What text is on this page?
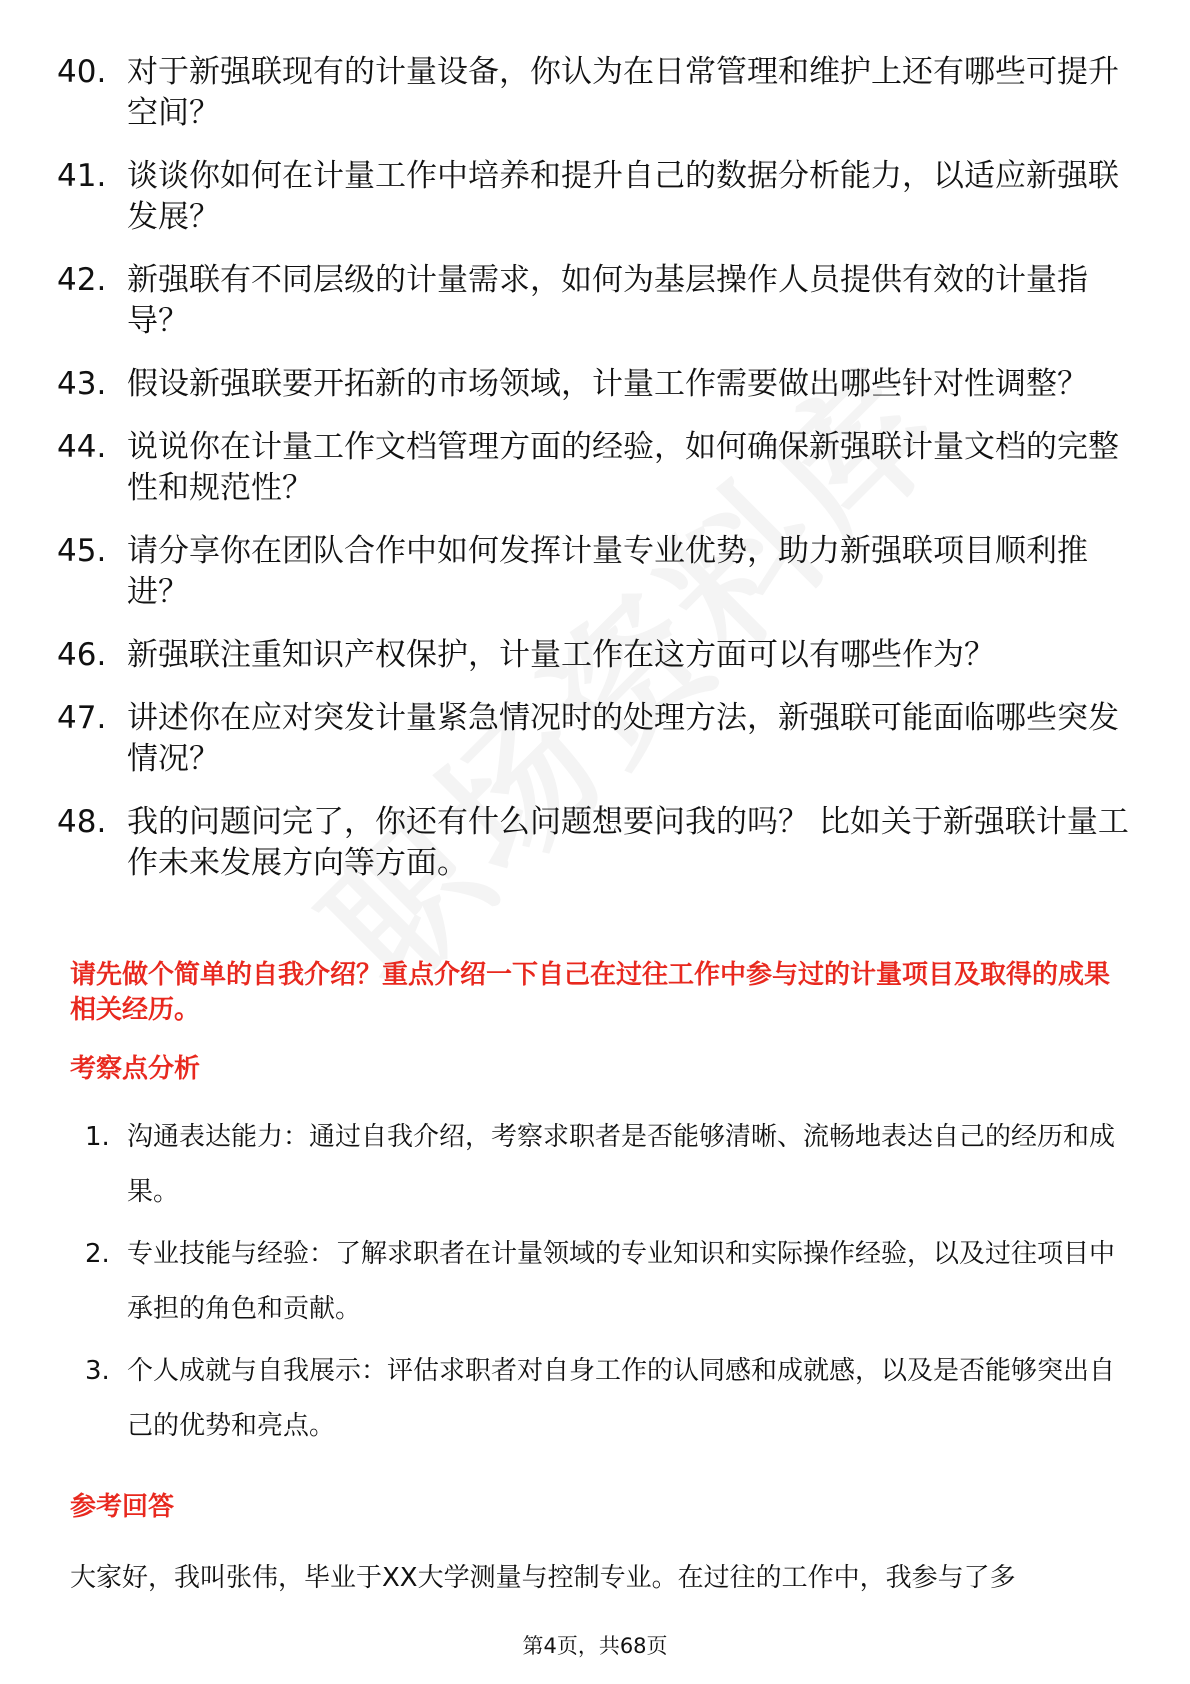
40. 对于新强联现有的计量设备，你认为在日常管理和维护上还有哪些可提升空间？
41. 谈谈你如何在计量工作中培养和提升自己的数据分析能力，以适应新强联发展？
42. 新强联有不同层级的计量需求，如何为基层操作人员提供有效的计量指导？
43. 假设新强联要开拓新的市场领域，计量工作需要做出哪些针对性调整？
44. 说说你在计量工作文档管理方面的经验，如何确保新强联计量文档的完整性和规范性？
45. 请分享你在团队合作中如何发挥计量专业优势，助力新强联项目顺利推进？
46. 新强联注重知识产权保护，计量工作在这方面可以有哪些作为？
47. 讲述你在应对突发计量紧急情况时的处理方法，新强联可能面临哪些突发情况？
48. 我的问题问完了，你还有什么问题想要问我的吗？ 比如关于新强联计量工作未来发展方向等方面。
请先做个简单的自我介绍？重点介绍一下自己在过往工作中参与过的计量项目及取得的成果相关经历。
考察点分析
1. 沟通表达能力：通过自我介绍，考察求职者是否能够清晰、流畅地表达自己的经历和成果。
2. 专业技能与经验：了解求职者在计量领域的专业知识和实际操作经验，以及过往项目中承担的角色和贡献。
3. 个人成就与自我展示：评估求职者对自身工作的认同感和成就感，以及是否能够突出自己的优势和亮点。
参考回答
大家好，我叫张伟，毕业于XX大学测量与控制专业。在过往的工作中，我参与了多
第4页，共68页
